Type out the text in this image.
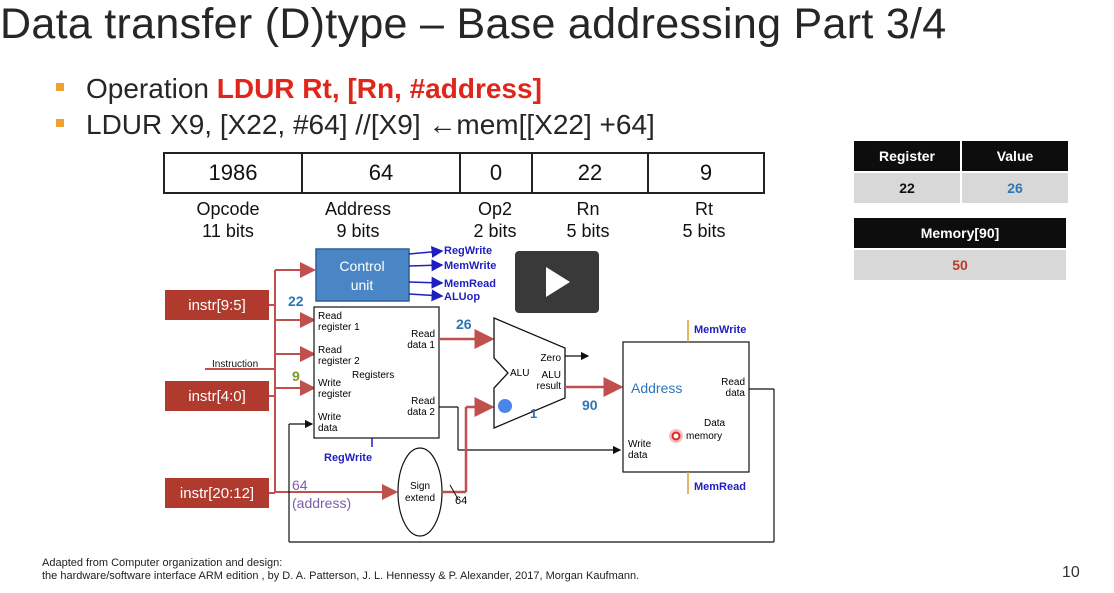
Data transfer (D)type – Base addressing Part 3/4
Operation LDUR Rt, [Rn, #address]
LDUR X9, [X22, #64] //[X9] ←mem[[X22] +64]
1986	64	0	22	9
Opcode
11 bits
Address
9 bits
Op2
2 bits
Rn
5 bits
Rt
5 bits
Register	Value
22	26
Memory[90]
50
instr[9:5]
instr[4:0]
instr[20:12]
Control
unit
RegWrite
MemWrite
MemRead
ALUop
Instruction
22
9
64
(address)
Read
register 1
Read
register 2
Registers
Write
register
Write
data
Read
data 1
Read
data 2
RegWrite
26
Sign
extend 64
ALU
Zero
ALU
result
90
1
MemWrite
MemRead
Address	Read
data
Data
memory
Write
data
Adapted from Computer organization and design:
the hardware/software interface ARM edition , by D. A. Patterson, J. L. Hennessy & P. Alexander, 2017, Morgan Kaufmann.	10
